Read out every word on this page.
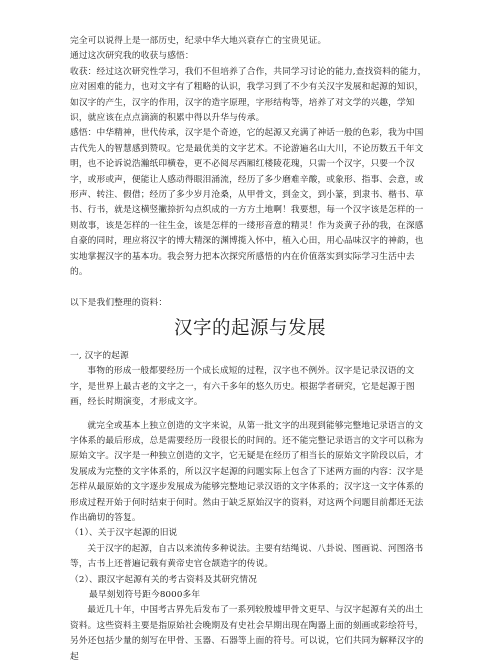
完全可以说得上是一部历史，纪录中华大地兴衰存亡的宝贵见证。

通过这次研究我的收获与感悟：

收获：经过这次研究性学习，我们不但培养了合作，共同学习讨论的能力,查找资料的能力，应对困难的能力，也对文字有了粗略的认识，我学习到了不少有关汉字发展和起源的知识，如汉字的产生，汉字的作用，汉字的造字原理，字形结构等，培养了对文学的兴趣，学知识，就应该在点点滴滴的积累中得以升华与传承。

感悟：中华精神，世代传承，汉字是个奇迹，它的起源又充满了神话一般的色彩，我为中国古代先人的智慧感到赞叹。它是最优美的文字艺术。不论游遍名山大川，不论历数五千年文明，也不论诉说浩瀚纸印横卷，更不必阅尽西厢红楼陵花瑰，只需一个汉字，只要一个汉字，或形或声，便能让人感动得眼泪涌流，经历了多少磨难辛酸，或象形、指事、会意，或形声、转注、假借；经历了多少岁月沧桑，从甲骨文，到金文，到小篆，到隶书、楷书、草书、行书，就是这横竖撇捺折勾点织成的一方方土地啊！我要想，每一个汉字该是怎样的一则故事，该是怎样的一往生金，该是怎样的一缕形音意的精灵！作为炎黄子孙的我，在深感自豪的同时，理应将汉字的博大精深的渊博揽入怀中，植入心田，用心品味汉字的神韵，也实地掌握汉字的基本功。我会努力把本次探究所感悟的内在价值落实到实际学习生活中去的。

以下是我们整理的资料：

汉字的起源与发展

一, 汉字的起源

事物的形成一般都要经历一个成长成短的过程，汉字也不例外。汉字是记录汉语的文字，是世界上最古老的文字之一，有六千多年的悠久历史。根据学者研究，它是起源于图画，经长时期演变，才形成文字。

就完全或基本上独立创造的文字来说，从第一批文字的出现到能够完整地记录语言的文字体系的最后形成，总是需要经历一段很长的时间的。还不能完整记录语言的文字可以称为原始文字。汉字是一种独立创造的文字，它无疑是在经历了相当长的原始文字阶段以后，才发展成为完整的文字体系的，所以汉字起源的问题实际上包含了下述两方面的内容：汉字是怎样从最原始的文字逐步发展成为能够完整地记录汉语的文字体系的；汉字这一文字体系的形成过程开始于何时结束于何时。然由于缺乏原始汉字的资料，对这两个问题目前都还无法作出确切的答复。

（1）、关于汉字起源的旧说

关于汉字的起源，自古以来流传多种说法。主要有结绳说、八卦说、图画说、河图洛书等，古书上还普遍记载有黄帝史官仓颉造字的传说。

（2）、跟汉字起源有关的考古资料及其研究情况

最早刻划符号距今8000多年

最近几十年，中国考古界先后发布了一系列较殷墟甲骨文更早、与汉字起源有关的出土资料。这些资料主要是指原始社会晚期及有史社会早期出现在陶器上面的刻画或彩绘符号，另外还包括少量的刻写在甲骨、玉器、石器等上面的符号。可以说，它们共同为解释汉字的起
